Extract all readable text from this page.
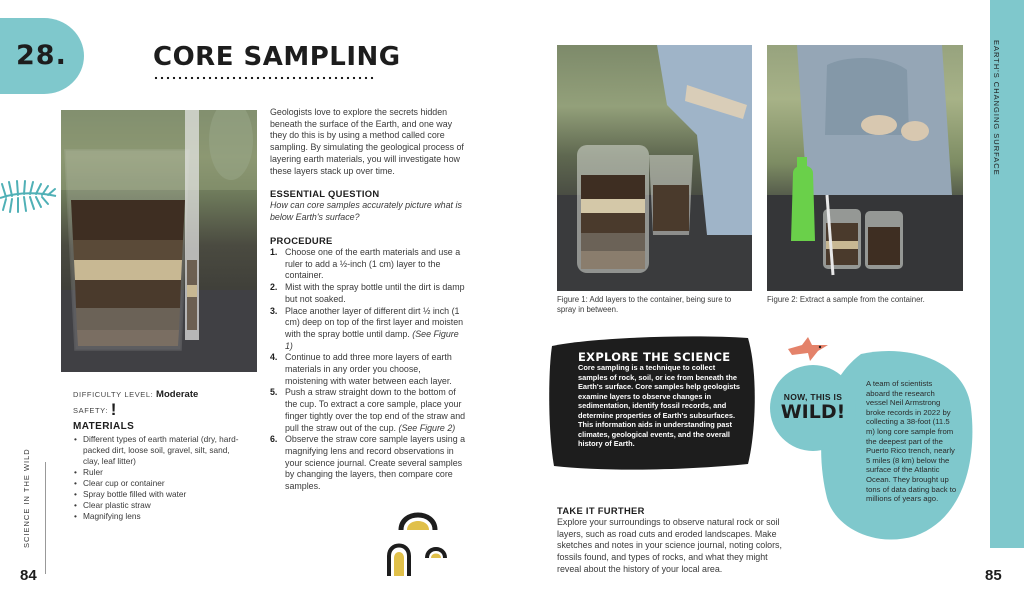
28.	CORE SAMPLING
DIFFICULTY LEVEL: Moderate
SAFETY: !
MATERIALS
• Different types of earth material (dry, hard-packed dirt, loose soil, gravel, silt, sand, clay, leaf litter)
• Ruler
• Clear cup or container
• Spray bottle filled with water
• Clear plastic straw
• Magnifying lens
SCIENCE IN THE WILD
84
Geologists love to explore the secrets hidden beneath the surface of the Earth, and one way they do this is by using a method called core sampling. By simulating the geological process of layering earth materials, you will investigate how these layers stack up over time.
ESSENTIAL QUESTION
How can core samples accurately picture what is below Earth's surface?
PROCEDURE
1. Choose one of the earth materials and use a ruler to add a ½-inch (1 cm) layer to the container.
2. Mist with the spray bottle until the dirt is damp but not soaked.
3. Place another layer of different dirt ½ inch (1 cm) deep on top of the first layer and moisten with the spray bottle until damp. (See Figure 1)
4. Continue to add three more layers of earth materials in any order you choose, moistening with water between each layer.
5. Push a straw straight down to the bottom of the cup. To extract a core sample, place your finger tightly over the top end of the straw and pull the straw out of the cup. (See Figure 2)
6. Observe the straw core sample layers using a magnifying lens and record observations in your science journal. Create several samples by changing the layers, then compare core samples.
Figure 1: Add layers to the container, being sure to spray in between.
Figure 2: Extract a sample from the container.
EXPLORE THE SCIENCE
Core sampling is a technique to collect samples of rock, soil, or ice from beneath the Earth's surface. Core samples help geologists examine layers to observe changes in sedimentation, identify fossil records, and determine properties of Earth's subsurfaces. This information aids in understanding past climates, geological events, and the overall history of Earth.
NOW, THIS IS
WILD!
A team of scientists aboard the research vessel Neil Armstrong broke records in 2022 by collecting a 38-foot (11.5 m) long core sample from the deepest part of the Puerto Rico trench, nearly 5 miles (8 km) below the surface of the Atlantic Ocean. They brought up tons of data dating back to millions of years ago.
TAKE IT FURTHER
Explore your surroundings to observe natural rock or soil layers, such as road cuts and eroded landscapes. Make sketches and notes in your science journal, noting colors, fossils found, and types of rocks, and what they might reveal about the history of your local area.
EARTH'S CHANGING SURFACE
85
